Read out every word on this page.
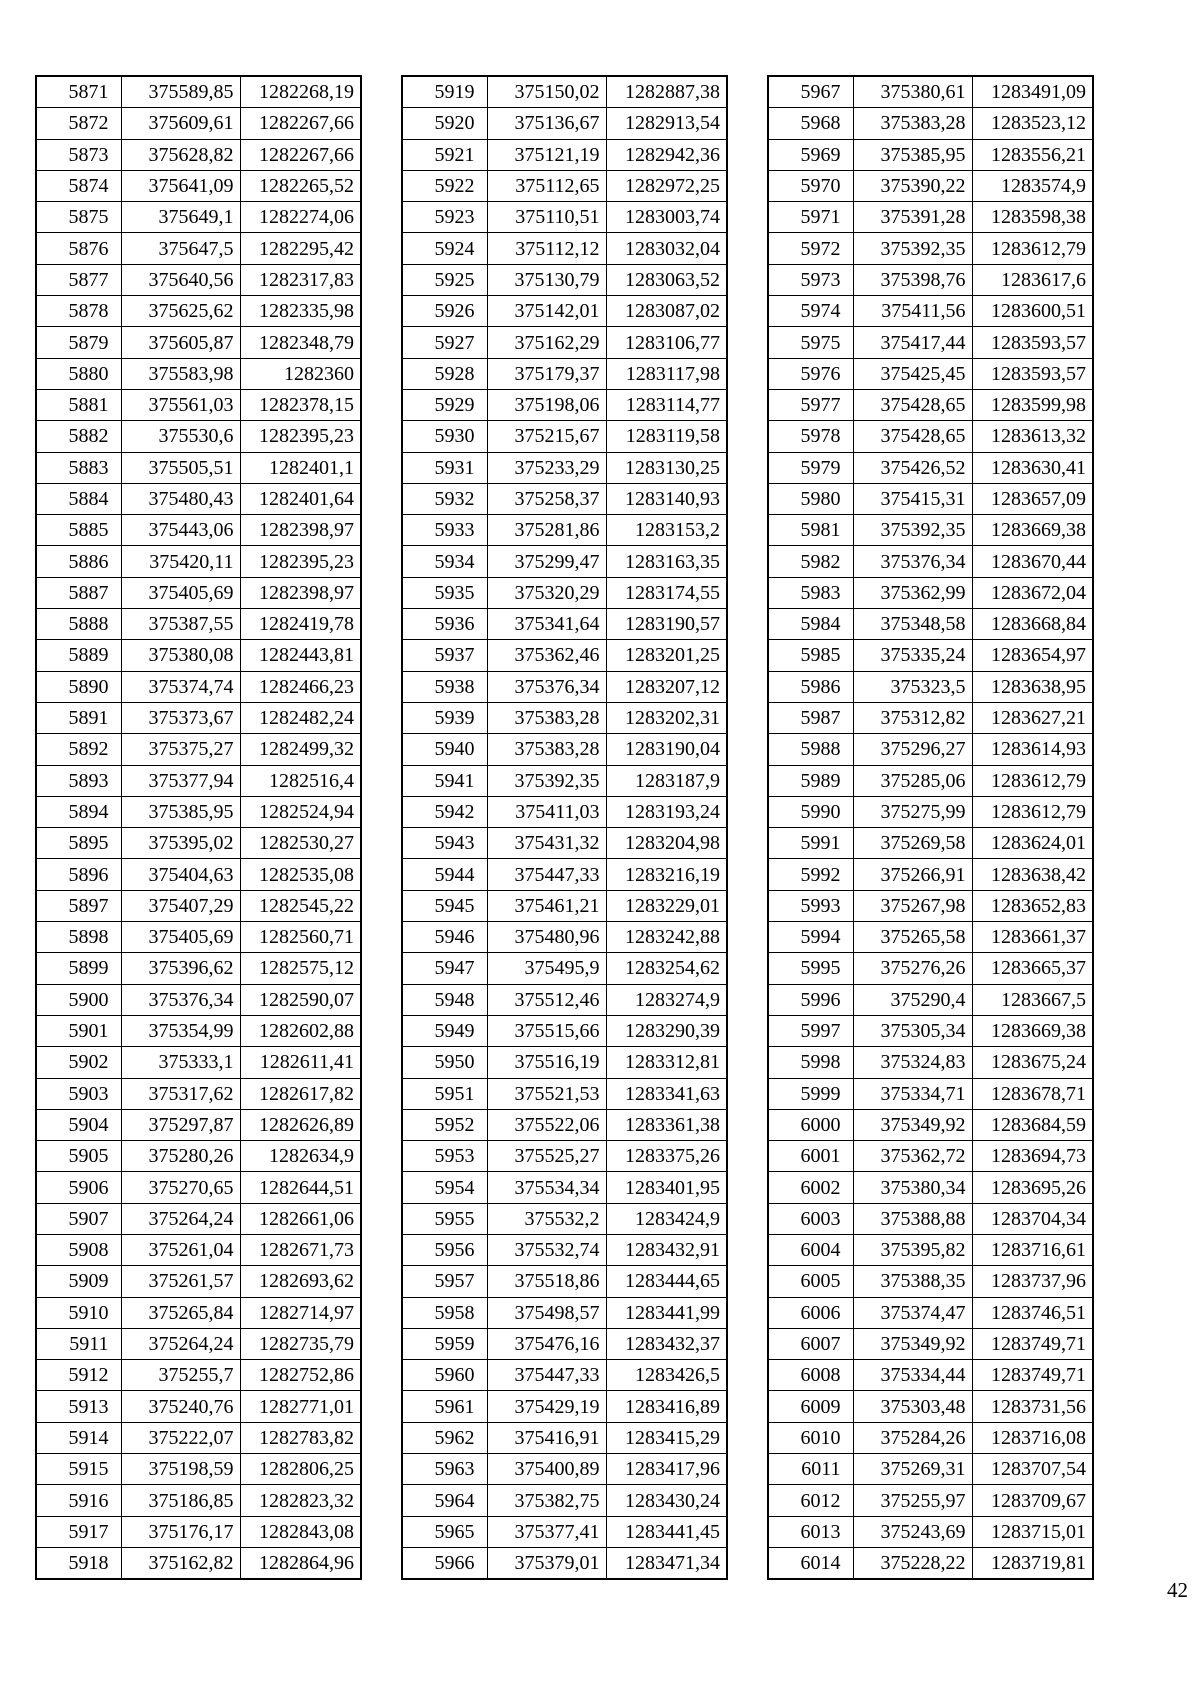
5871	375589,85	1282268,19
5872	375609,61	1282267,66
5873	375628,82	1282267,66
5874	375641,09	1282265,52
5875	375649,1	1282274,06
5876	375647,5	1282295,42
5877	375640,56	1282317,83
5878	375625,62	1282335,98
5879	375605,87	1282348,79
5880	375583,98	1282360
5881	375561,03	1282378,15
5882	375530,6	1282395,23
5883	375505,51	1282401,1
5884	375480,43	1282401,64
5885	375443,06	1282398,97
5886	375420,11	1282395,23
5887	375405,69	1282398,97
5888	375387,55	1282419,78
5889	375380,08	1282443,81
5890	375374,74	1282466,23
5891	375373,67	1282482,24
5892	375375,27	1282499,32
5893	375377,94	1282516,4
5894	375385,95	1282524,94
5895	375395,02	1282530,27
5896	375404,63	1282535,08
5897	375407,29	1282545,22
5898	375405,69	1282560,71
5899	375396,62	1282575,12
5900	375376,34	1282590,07
5901	375354,99	1282602,88
5902	375333,1	1282611,41
5903	375317,62	1282617,82
5904	375297,87	1282626,89
5905	375280,26	1282634,9
5906	375270,65	1282644,51
5907	375264,24	1282661,06
5908	375261,04	1282671,73
5909	375261,57	1282693,62
5910	375265,84	1282714,97
5911	375264,24	1282735,79
5912	375255,7	1282752,86
5913	375240,76	1282771,01
5914	375222,07	1282783,82
5915	375198,59	1282806,25
5916	375186,85	1282823,32
5917	375176,17	1282843,08
5918	375162,82	1282864,96
5919	375150,02	1282887,38
5920	375136,67	1282913,54
5921	375121,19	1282942,36
5922	375112,65	1282972,25
5923	375110,51	1283003,74
5924	375112,12	1283032,04
5925	375130,79	1283063,52
5926	375142,01	1283087,02
5927	375162,29	1283106,77
5928	375179,37	1283117,98
5929	375198,06	1283114,77
5930	375215,67	1283119,58
5931	375233,29	1283130,25
5932	375258,37	1283140,93
5933	375281,86	1283153,2
5934	375299,47	1283163,35
5935	375320,29	1283174,55
5936	375341,64	1283190,57
5937	375362,46	1283201,25
5938	375376,34	1283207,12
5939	375383,28	1283202,31
5940	375383,28	1283190,04
5941	375392,35	1283187,9
5942	375411,03	1283193,24
5943	375431,32	1283204,98
5944	375447,33	1283216,19
5945	375461,21	1283229,01
5946	375480,96	1283242,88
5947	375495,9	1283254,62
5948	375512,46	1283274,9
5949	375515,66	1283290,39
5950	375516,19	1283312,81
5951	375521,53	1283341,63
5952	375522,06	1283361,38
5953	375525,27	1283375,26
5954	375534,34	1283401,95
5955	375532,2	1283424,9
5956	375532,74	1283432,91
5957	375518,86	1283444,65
5958	375498,57	1283441,99
5959	375476,16	1283432,37
5960	375447,33	1283426,5
5961	375429,19	1283416,89
5962	375416,91	1283415,29
5963	375400,89	1283417,96
5964	375382,75	1283430,24
5965	375377,41	1283441,45
5966	375379,01	1283471,34
5967	375380,61	1283491,09
5968	375383,28	1283523,12
5969	375385,95	1283556,21
5970	375390,22	1283574,9
5971	375391,28	1283598,38
5972	375392,35	1283612,79
5973	375398,76	1283617,6
5974	375411,56	1283600,51
5975	375417,44	1283593,57
5976	375425,45	1283593,57
5977	375428,65	1283599,98
5978	375428,65	1283613,32
5979	375426,52	1283630,41
5980	375415,31	1283657,09
5981	375392,35	1283669,38
5982	375376,34	1283670,44
5983	375362,99	1283672,04
5984	375348,58	1283668,84
5985	375335,24	1283654,97
5986	375323,5	1283638,95
5987	375312,82	1283627,21
5988	375296,27	1283614,93
5989	375285,06	1283612,79
5990	375275,99	1283612,79
5991	375269,58	1283624,01
5992	375266,91	1283638,42
5993	375267,98	1283652,83
5994	375265,58	1283661,37
5995	375276,26	1283665,37
5996	375290,4	1283667,5
5997	375305,34	1283669,38
5998	375324,83	1283675,24
5999	375334,71	1283678,71
6000	375349,92	1283684,59
6001	375362,72	1283694,73
6002	375380,34	1283695,26
6003	375388,88	1283704,34
6004	375395,82	1283716,61
6005	375388,35	1283737,96
6006	375374,47	1283746,51
6007	375349,92	1283749,71
6008	375334,44	1283749,71
6009	375303,48	1283731,56
6010	375284,26	1283716,08
6011	375269,31	1283707,54
6012	375255,97	1283709,67
6013	375243,69	1283715,01
6014	375228,22	1283719,81
42
